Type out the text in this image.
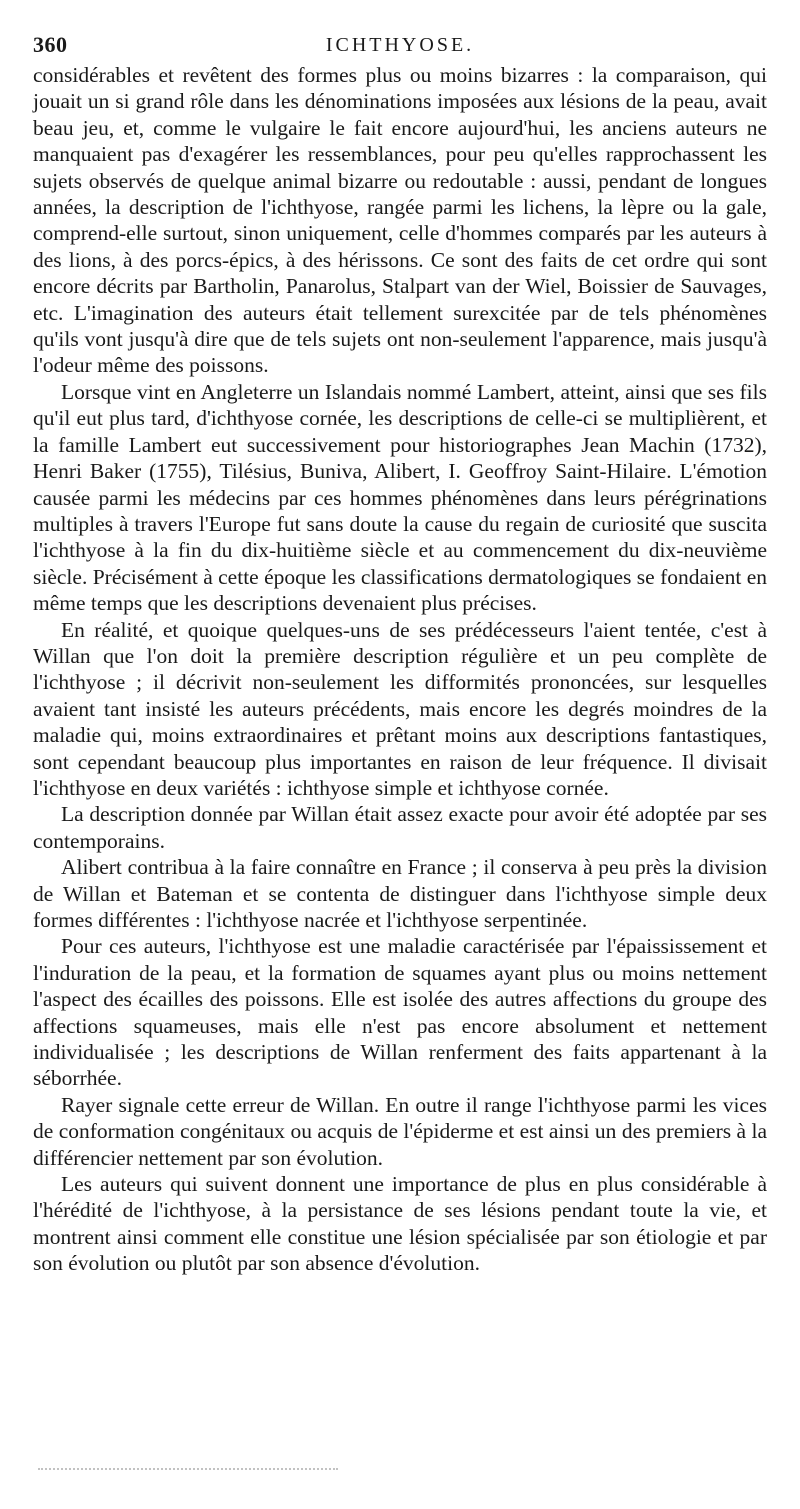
360	ICHTHYOSE.

considérables et revêtent des formes plus ou moins bizarres : la comparaison, qui jouait un si grand rôle dans les dénominations imposées aux lésions de la peau, avait beau jeu, et, comme le vulgaire le fait encore aujourd'hui, les anciens auteurs ne manquaient pas d'exagérer les ressemblances, pour peu qu'elles rapprochassent les sujets observés de quelque animal bizarre ou redoutable : aussi, pendant de longues années, la description de l'ichthyose, rangée parmi les lichens, la lèpre ou la gale, comprend-elle surtout, sinon uniquement, celle d'hommes comparés par les auteurs à des lions, à des porcs-épics, à des hérissons. Ce sont des faits de cet ordre qui sont encore décrits par Bartholin, Panarolus, Stalpart van der Wiel, Boissier de Sauvages, etc. L'imagination des auteurs était tellement surexcitée par de tels phénomènes qu'ils vont jusqu'à dire que de tels sujets ont non-seulement l'apparence, mais jusqu'à l'odeur même des poissons.

Lorsque vint en Angleterre un Islandais nommé Lambert, atteint, ainsi que ses fils qu'il eut plus tard, d'ichthyose cornée, les descriptions de celle-ci se multiplièrent, et la famille Lambert eut successivement pour historiographes Jean Machin (1732), Henri Baker (1755), Tilésius, Buniva, Alibert, I. Geoffroy Saint-Hilaire. L'émotion causée parmi les médecins par ces hommes phénomènes dans leurs pérégrinations multiples à travers l'Europe fut sans doute la cause du regain de curiosité que suscita l'ichthyose à la fin du dix-huitième siècle et au commencement du dix-neuvième siècle. Précisément à cette époque les classifications dermatologiques se fondaient en même temps que les descriptions devenaient plus précises.

En réalité, et quoique quelques-uns de ses prédécesseurs l'aient tentée, c'est à Willan que l'on doit la première description régulière et un peu complète de l'ichthyose ; il décrivit non-seulement les difformités prononcées, sur lesquelles avaient tant insisté les auteurs précédents, mais encore les degrés moindres de la maladie qui, moins extraordinaires et prêtant moins aux descriptions fantastiques, sont cependant beaucoup plus importantes en raison de leur fréquence. Il divisait l'ichthyose en deux variétés : ichthyose simple et ichthyose cornée.

La description donnée par Willan était assez exacte pour avoir été adoptée par ses contemporains.

Alibert contribua à la faire connaître en France ; il conserva à peu près la division de Willan et Bateman et se contenta de distinguer dans l'ichthyose simple deux formes différentes : l'ichthyose nacrée et l'ichthyose serpentinée.

Pour ces auteurs, l'ichthyose est une maladie caractérisée par l'épaississement et l'induration de la peau, et la formation de squames ayant plus ou moins nettement l'aspect des écailles des poissons. Elle est isolée des autres affections du groupe des affections squameuses, mais elle n'est pas encore absolument et nettement individualisée ; les descriptions de Willan renferment des faits appartenant à la séborrhée.

Rayer signale cette erreur de Willan. En outre il range l'ichthyose parmi les vices de conformation congénitaux ou acquis de l'épiderme et est ainsi un des premiers à la différencier nettement par son évolution.

Les auteurs qui suivent donnent une importance de plus en plus considérable à l'hérédité de l'ichthyose, à la persistance de ses lésions pendant toute la vie, et montrent ainsi comment elle constitue une lésion spécialisée par son étiologie et par son évolution ou plutôt par son absence d'évolution.
